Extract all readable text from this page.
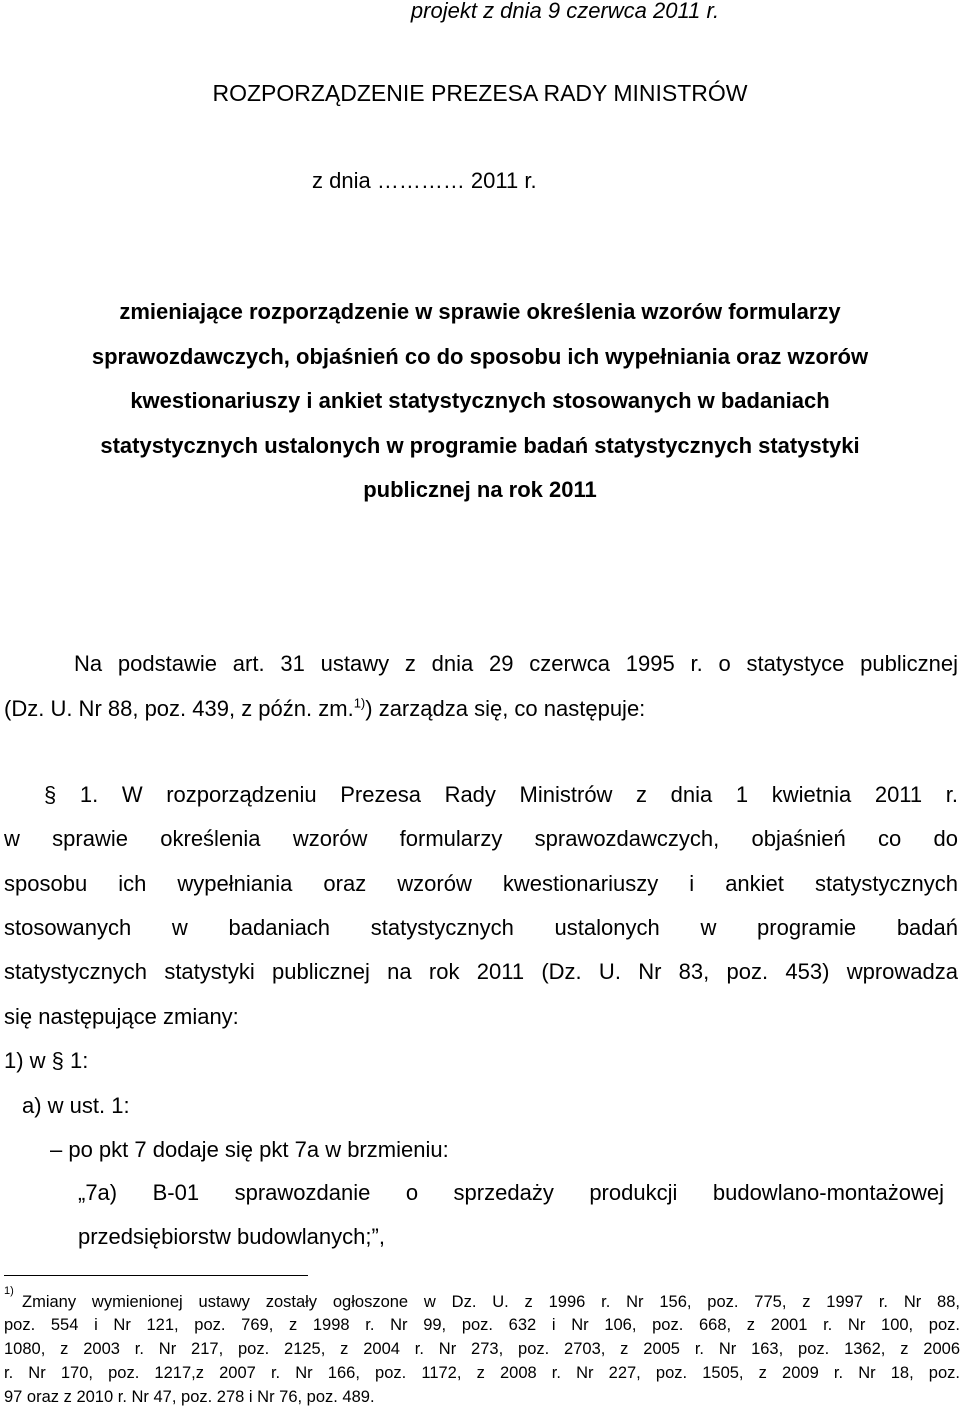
projekt z dnia 9 czerwca 2011 r.
ROZPORZĄDZENIE PREZESA RADY MINISTRÓW
z dnia ………… 2011 r.
zmieniające rozporządzenie w sprawie określenia wzorów formularzy
sprawozdawczych, objaśnień co do sposobu ich wypełniania oraz wzorów
kwestionariuszy i ankiet statystycznych stosowanych w badaniach
statystycznych ustalonych w programie badań statystycznych statystyki
publicznej na rok 2011
Na podstawie art. 31 ustawy z dnia 29 czerwca 1995 r. o statystyce publicznej
(Dz. U. Nr 88, poz. 439, z późn. zm.$^{1)}$) zarządza się, co następuje:
§ 1. W rozporządzeniu Prezesa Rady Ministrów z dnia 1 kwietnia 2011 r.
w sprawie określenia wzorów formularzy sprawozdawczych, objaśnień co do
sposobu ich wypełniania oraz wzorów kwestionariuszy i ankiet statystycznych
stosowanych w badaniach statystycznych ustalonych w programie badań
statystycznych statystyki publicznej na rok 2011 (Dz. U. Nr 83, poz. 453) wprowadza
się następujące zmiany:
1) w § 1:
a) w ust. 1:
– po pkt 7 dodaje się pkt 7a w brzmieniu:
„7a) B-01 sprawozdanie o sprzedaży produkcji budowlano-montażowej
przedsiębiorstw budowlanych;”,
1)
Zmiany wymienionej ustawy zostały ogłoszone w Dz. U. z 1996 r. Nr 156, poz. 775, z 1997 r. Nr 88,
poz. 554 i Nr 121, poz. 769, z 1998 r. Nr 99, poz. 632 i Nr 106, poz. 668, z 2001 r. Nr 100, poz.
1080, z 2003 r. Nr 217, poz. 2125, z 2004 r. Nr 273, poz. 2703, z 2005 r. Nr 163, poz. 1362, z 2006
r. Nr 170, poz. 1217,z 2007 r. Nr 166, poz. 1172, z 2008 r. Nr 227, poz. 1505, z 2009 r. Nr 18, poz.
97 oraz z 2010 r. Nr 47, poz. 278 i Nr 76, poz. 489.
